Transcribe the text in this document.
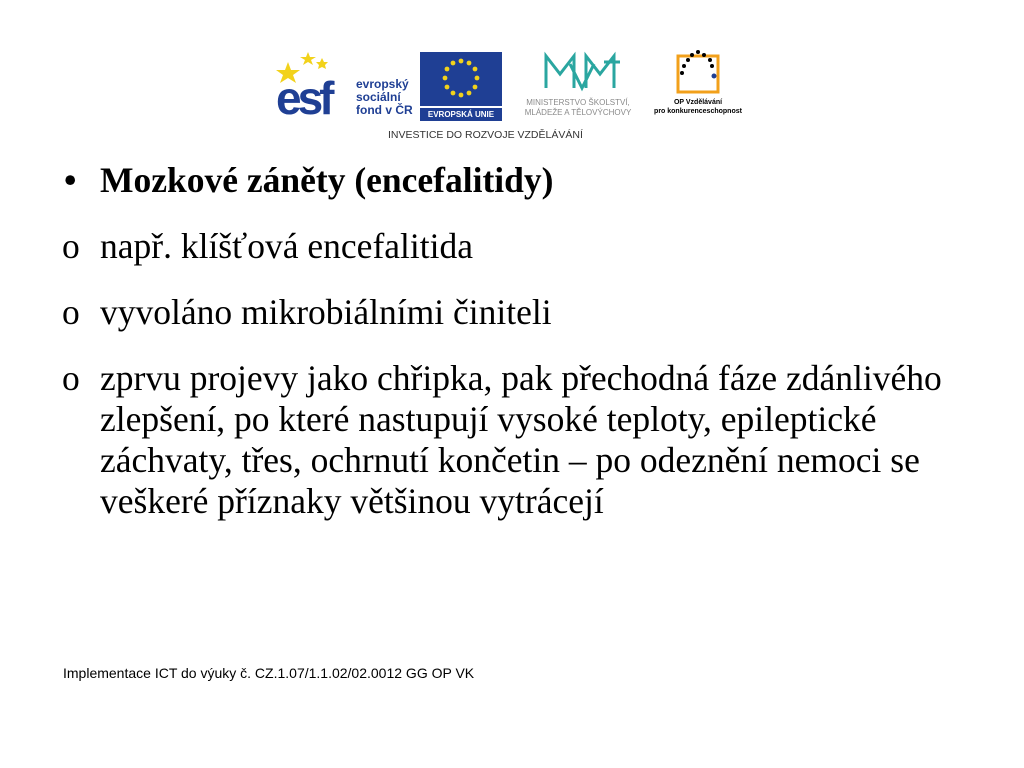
esf	evropský
sociální
fond v ČR	EVROPSKÁ UNIE
MINISTERSTVO ŠKOLSTVÍ,
MLÁDEŽE A TĚLOVÝCHOVY
OP Vzdělávání
pro konkurenceschopnost
INVESTICE DO ROZVOJE VZDĚLÁVÁNÍ
• Mozkové záněty (encefalitidy)
o např. klíšťová encefalitida
o vyvoláno mikrobiálními činiteli
o zprvu projevy jako chřipka, pak přechodná fáze zdánlivého zlepšení, po které nastupují vysoké teploty, epileptické záchvaty, třes, ochrnutí končetin – po odeznění nemoci se veškeré příznaky většinou vytrácejí
Implementace ICT do výuky č. CZ.1.07/1.1.02/02.0012 GG OP VK
